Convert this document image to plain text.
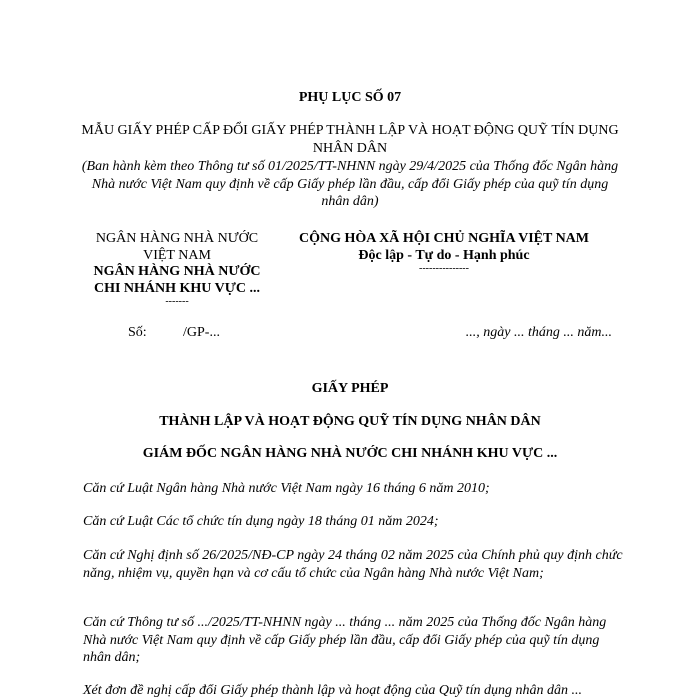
PHỤ LỤC SỐ 07
MẪU GIẤY PHÉP CẤP ĐỔI GIẤY PHÉP THÀNH LẬP VÀ HOẠT ĐỘNG QUỸ TÍN DỤNG NHÂN DÂN
(Ban hành kèm theo Thông tư số 01/2025/TT-NHNN ngày 29/4/2025 của Thống đốc Ngân hàng Nhà nước Việt Nam quy định về cấp Giấy phép lần đầu, cấp đổi Giấy phép của quỹ tín dụng nhân dân)
NGÂN HÀNG NHÀ NƯỚC
VIỆT NAM
NGÂN HÀNG NHÀ NƯỚC
CHI NHÁNH KHU VỰC ...
-------
CỘNG HÒA XÃ HỘI CHỦ NGHĨA VIỆT NAM
Độc lập - Tự do - Hạnh phúc
---------------
Số:	/GP-...	..., ngày ... tháng ... năm...
GIẤY PHÉP
THÀNH LẬP VÀ HOẠT ĐỘNG QUỸ TÍN DỤNG NHÂN DÂN
GIÁM ĐỐC NGÂN HÀNG NHÀ NƯỚC CHI NHÁNH KHU VỰC ...
Căn cứ Luật Ngân hàng Nhà nước Việt Nam ngày 16 tháng 6 năm 2010;
Căn cứ Luật Các tổ chức tín dụng ngày 18 tháng 01 năm 2024;
Căn cứ Nghị định số 26/2025/NĐ-CP ngày 24 tháng 02 năm 2025 của Chính phủ quy định chức năng, nhiệm vụ, quyền hạn và cơ cấu tổ chức của Ngân hàng Nhà nước Việt Nam;
Căn cứ Thông tư số .../2025/TT-NHNN ngày ... tháng ... năm 2025 của Thống đốc Ngân hàng Nhà nước Việt Nam quy định về cấp Giấy phép lần đầu, cấp đổi Giấy phép của quỹ tín dụng nhân dân;
Xét đơn đề nghị cấp đổi Giấy phép thành lập và hoạt động của Quỹ tín dụng nhân dân ...
